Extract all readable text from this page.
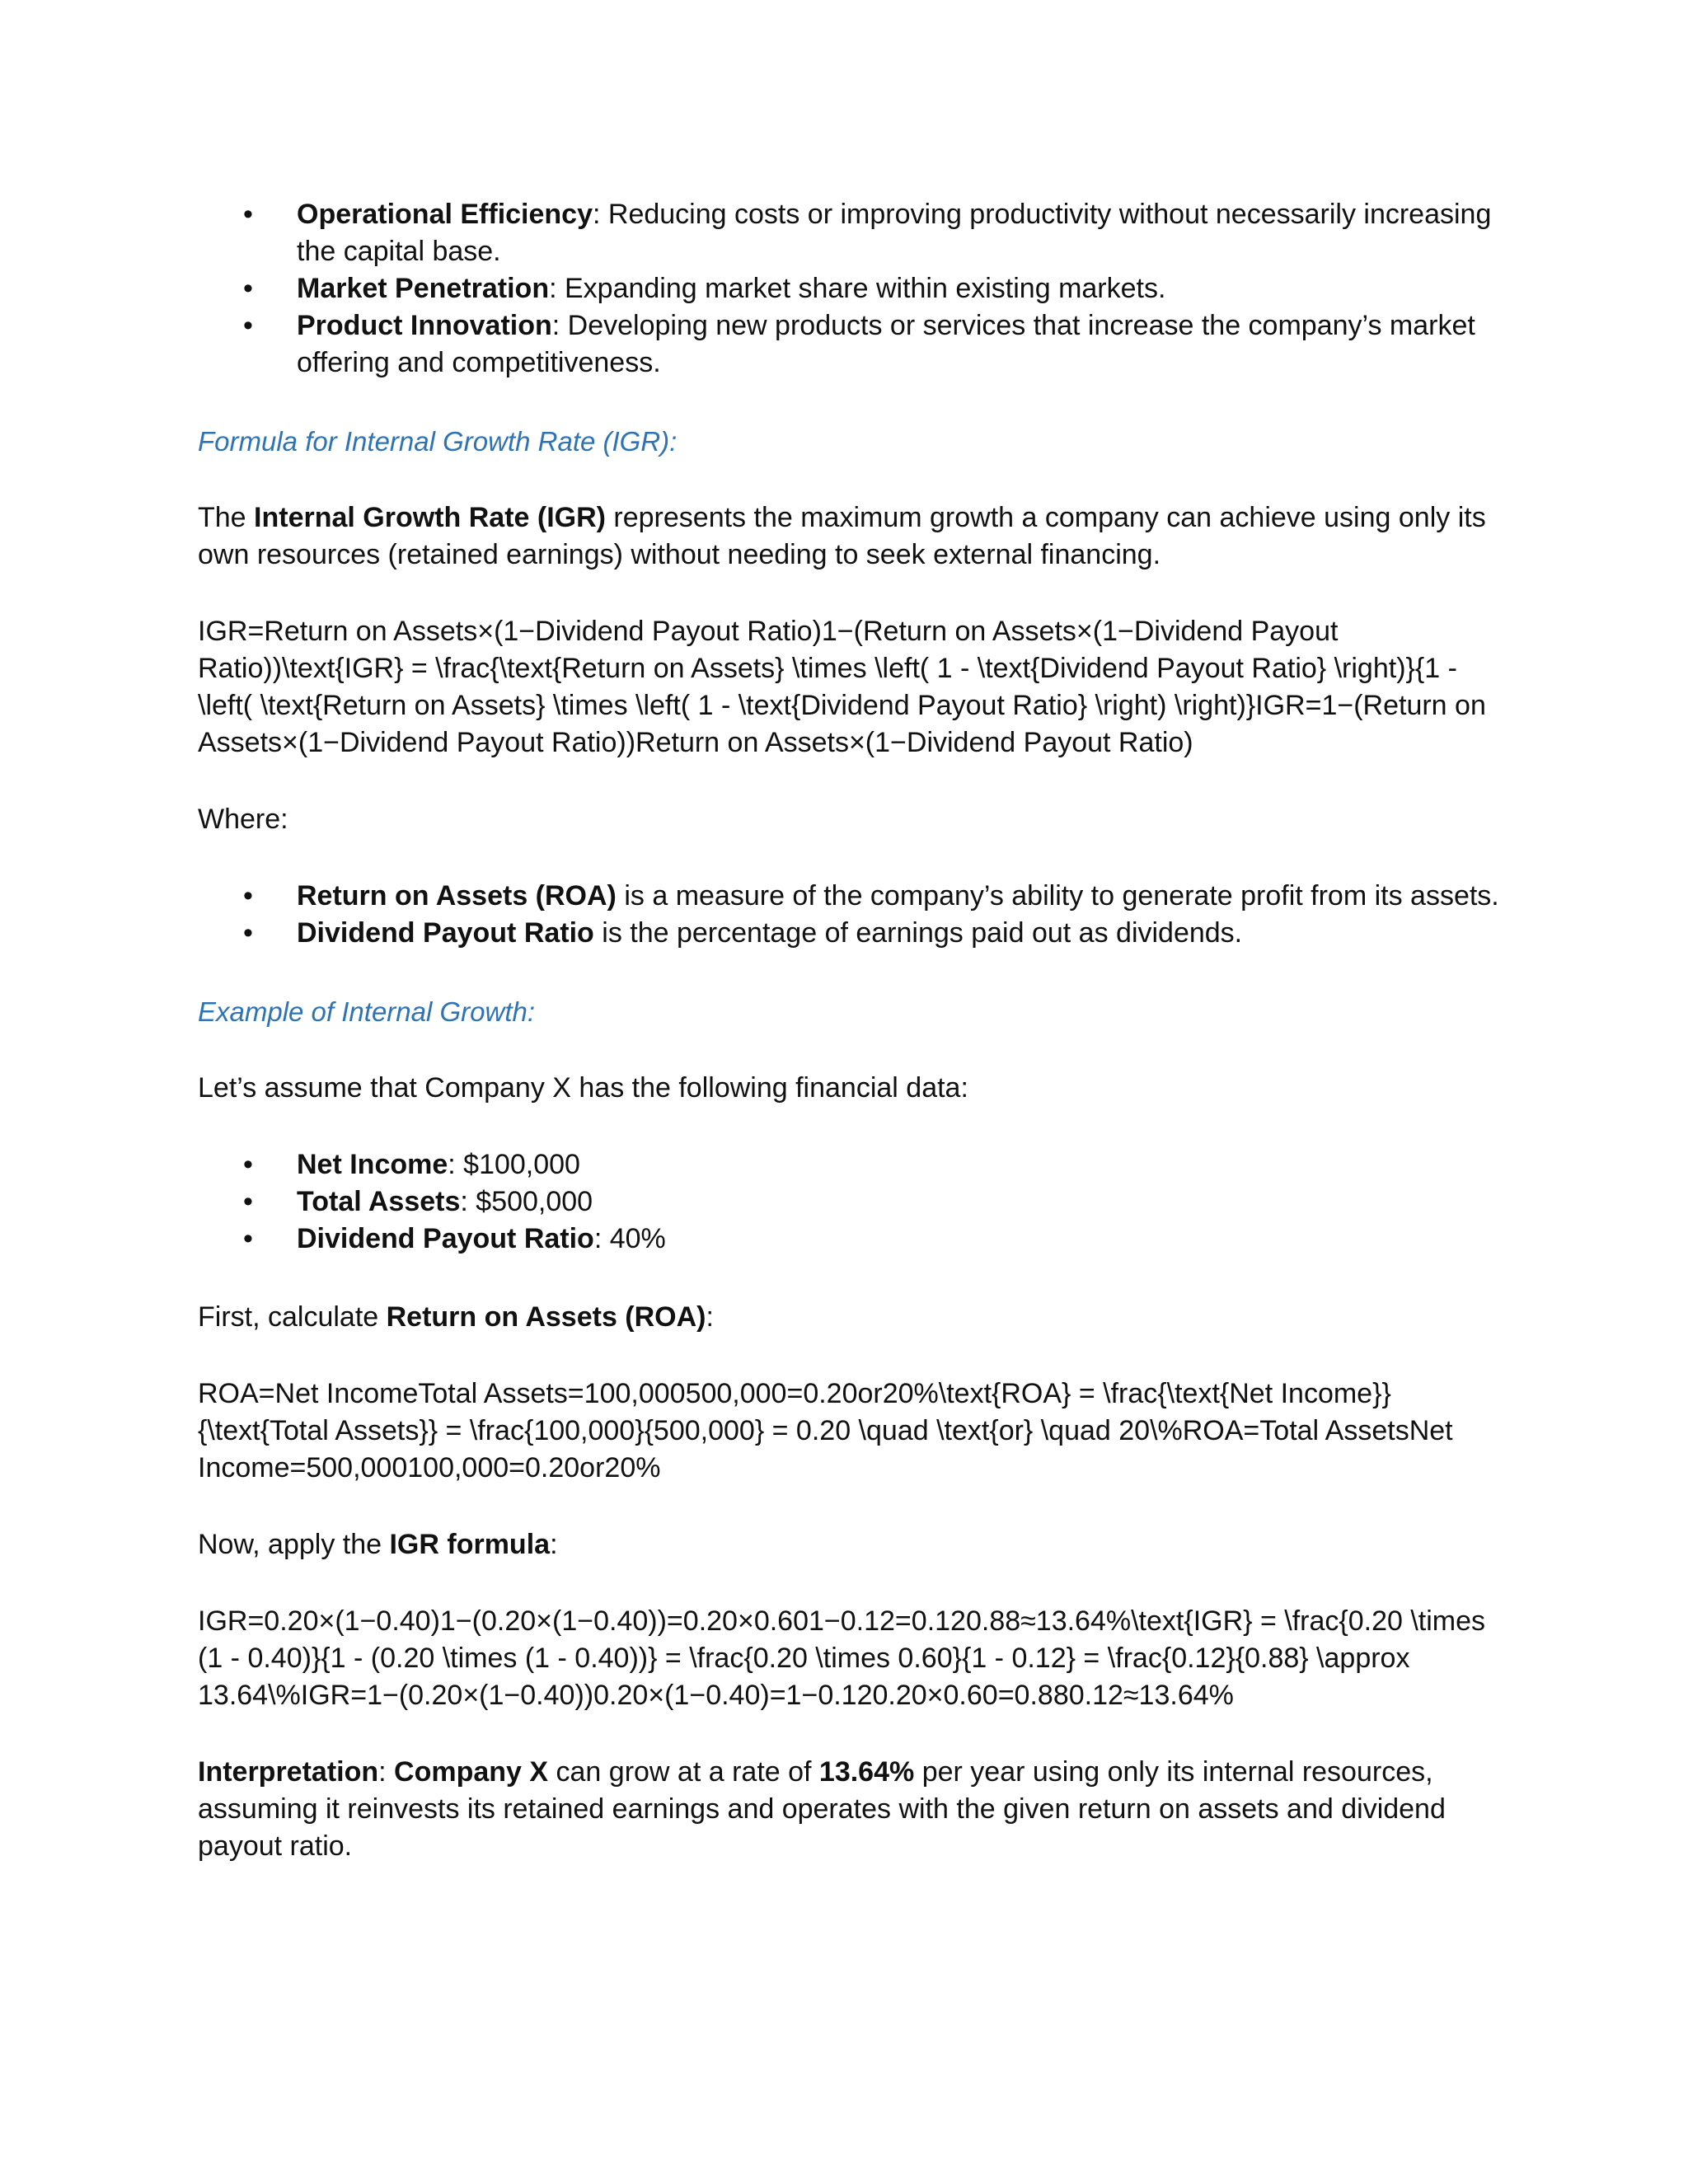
• Operational Efficiency: Reducing costs or improving productivity without necessarily increasing the capital base.
• Market Penetration: Expanding market share within existing markets.
• Product Innovation: Developing new products or services that increase the company’s market offering and competitiveness.

Formula for Internal Growth Rate (IGR):

The Internal Growth Rate (IGR) represents the maximum growth a company can achieve using only its own resources (retained earnings) without needing to seek external financing.

IGR=Return on Assets×(1−Dividend Payout Ratio)1−(Return on Assets×(1−Dividend Payout Ratio))\text{IGR} = \frac{\text{Return on Assets} \times \left( 1 - \text{Dividend Payout Ratio} \right)}{1 - \left( \text{Return on Assets} \times \left( 1 - \text{Dividend Payout Ratio} \right) \right)}IGR=1−(Return on Assets×(1−Dividend Payout Ratio))Return on Assets×(1−Dividend Payout Ratio)

Where:

• Return on Assets (ROA) is a measure of the company’s ability to generate profit from its assets.
• Dividend Payout Ratio is the percentage of earnings paid out as dividends.

Example of Internal Growth:

Let’s assume that Company X has the following financial data:

• Net Income: $100,000
• Total Assets: $500,000
• Dividend Payout Ratio: 40%

First, calculate Return on Assets (ROA):

ROA=Net IncomeTotal Assets=100,000500,000=0.20or20%\text{ROA} = \frac{\text{Net Income}}{\text{Total Assets}} = \frac{100,000}{500,000} = 0.20 \quad \text{or} \quad 20\%ROA=Total AssetsNet Income=500,000100,000=0.20or20%

Now, apply the IGR formula:

IGR=0.20×(1−0.40)1−(0.20×(1−0.40))=0.20×0.601−0.12=0.120.88≈13.64%\text{IGR} = \frac{0.20 \times (1 - 0.40)}{1 - (0.20 \times (1 - 0.40))} = \frac{0.20 \times 0.60}{1 - 0.12} = \frac{0.12}{0.88} \approx 13.64\%IGR=1−(0.20×(1−0.40))0.20×(1−0.40)=1−0.120.20×0.60=0.880.12≈13.64%

Interpretation: Company X can grow at a rate of 13.64% per year using only its internal resources, assuming it reinvests its retained earnings and operates with the given return on assets and dividend payout ratio.
